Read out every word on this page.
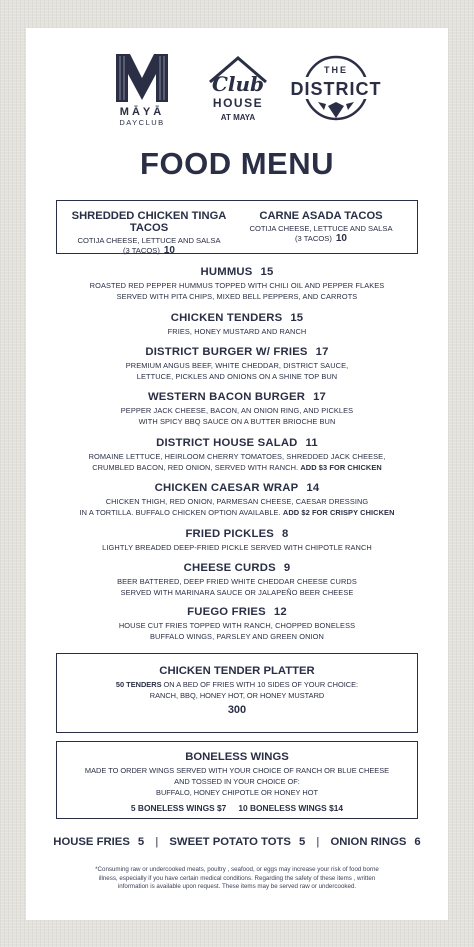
MĀYĀ
DAYCLUB
Club
HOUSE
AT MAYA
THE
DISTRICT
FOOD MENU
SHREDDED CHICKEN TINGA TACOS
COTIJA CHEESE, LETTUCE AND SALSA
(3 TACOS) 10
CARNE ASADA TACOS
COTIJA CHEESE, LETTUCE AND SALSA
(3 TACOS) 10
HUMMUS 15
ROASTED RED PEPPER HUMMUS TOPPED WITH CHILI OIL AND PEPPER FLAKES
SERVED WITH PITA CHIPS, MIXED BELL PEPPERS, AND CARROTS
CHICKEN TENDERS 15
FRIES, HONEY MUSTARD AND RANCH
DISTRICT BURGER W/ FRIES 17
PREMIUM ANGUS BEEF, WHITE CHEDDAR, DISTRICT SAUCE,
LETTUCE, PICKLES AND ONIONS ON A SHINE TOP BUN
WESTERN BACON BURGER 17
PEPPER JACK CHEESE, BACON, AN ONION RING, AND PICKLES
WITH SPICY BBQ SAUCE ON A BUTTER BRIOCHE BUN
DISTRICT HOUSE SALAD 11
ROMAINE LETTUCE, HEIRLOOM CHERRY TOMATOES, SHREDDED JACK CHEESE,
CRUMBLED BACON, RED ONION, SERVED WITH RANCH. ADD $3 FOR CHICKEN
CHICKEN CAESAR WRAP 14
CHICKEN THIGH, RED ONION, PARMESAN CHEESE, CAESAR DRESSING
IN A TORTILLA. BUFFALO CHICKEN OPTION AVAILABLE. ADD $2 FOR CRISPY CHICKEN
FRIED PICKLES 8
LIGHTLY BREADED DEEP-FRIED PICKLE SERVED WITH CHIPOTLE RANCH
CHEESE CURDS 9
BEER BATTERED, DEEP FRIED WHITE CHEDDAR CHEESE CURDS
SERVED WITH MARINARA SAUCE OR JALAPEÑO BEER CHEESE
FUEGO FRIES 12
HOUSE CUT FRIES TOPPED WITH RANCH, CHOPPED BONELESS
BUFFALO WINGS, PARSLEY AND GREEN ONION
CHICKEN TENDER PLATTER
50 TENDERS ON A BED OF FRIES WITH 10 SIDES OF YOUR CHOICE:
RANCH, BBQ, HONEY HOT, OR HONEY MUSTARD
300
BONELESS WINGS
MADE TO ORDER WINGS SERVED WITH YOUR CHOICE OF RANCH OR BLUE CHEESE
AND TOSSED IN YOUR CHOICE OF:
BUFFALO, HONEY CHIPOTLE OR HONEY HOT
5 BONELESS WINGS $7 10 BONELESS WINGS $14
HOUSE FRIES 5 | SWEET POTATO TOTS 5 | ONION RINGS 6
*Consuming raw or undercooked meats, poultry , seafood, or eggs may increase your risk of food borne illness, especially if you have certain medical conditions. Regarding the safety of these items , written information is available upon request. These items may be served raw or undercooked.
